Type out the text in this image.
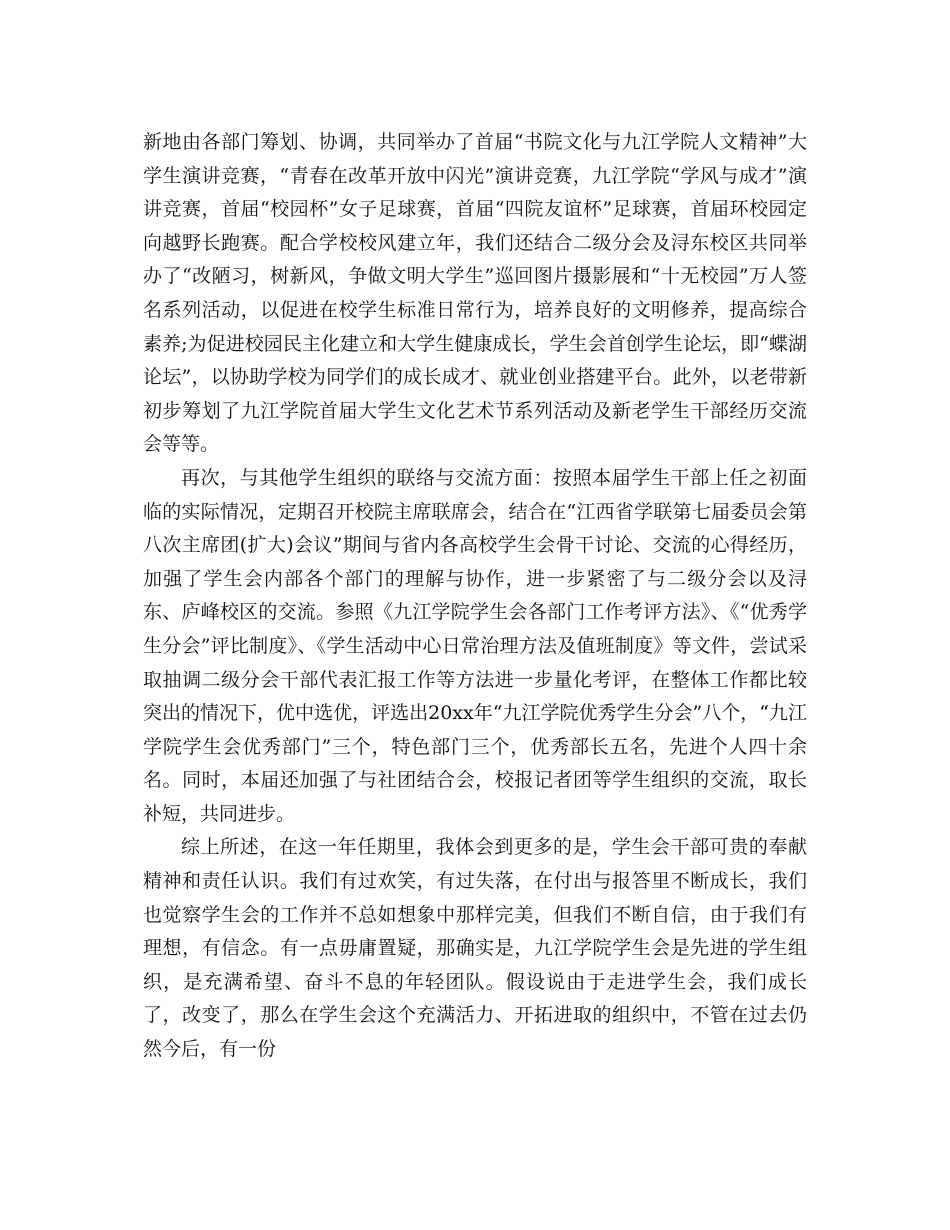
新地由各部门筹划、协调，共同举办了首届“书院文化与九江学院人文精神”大学生演讲竞赛，“青春在改革开放中闪光”演讲竞赛，九江学院“学风与成才”演讲竞赛，首届“校园杯”女子足球赛，首届“四院友谊杯”足球赛，首届环校园定向越野长跑赛。配合学校校风建立年，我们还结合二级分会及浔东校区共同举办了“改陋习，树新风，争做文明大学生”巡回图片摄影展和“十无校园”万人签名系列活动，以促进在校学生标准日常行为，培养良好的文明修养，提高综合素养;为促进校园民主化建立和大学生健康成长，学生会首创学生论坛，即“蝶湖论坛”，以协助学校为同学们的成长成才、就业创业搭建平台。此外，以老带新初步筹划了九江学院首届大学生文化艺术节系列活动及新老学生干部经历交流会等等。

再次，与其他学生组织的联络与交流方面：按照本届学生干部上任之初面临的实际情况，定期召开校院主席联席会，结合在“江西省学联第七届委员会第八次主席团(扩大)会议”期间与省内各高校学生会骨干讨论、交流的心得经历，加强了学生会内部各个部门的理解与协作，进一步紧密了与二级分会以及浔东、庐峰校区的交流。参照《九江学院学生会各部门工作考评方法》、《“优秀学生分会”评比制度》、《学生活动中心日常治理方法及值班制度》等文件，尝试采取抽调二级分会干部代表汇报工作等方法进一步量化考评，在整体工作都比较突出的情况下，优中选优，评选出20xx年“九江学院优秀学生分会”八个，“九江学院学生会优秀部门”三个，特色部门三个，优秀部长五名，先进个人四十余名。同时，本届还加强了与社团结合会，校报记者团等学生组织的交流，取长补短，共同进步。

综上所述，在这一年任期里，我体会到更多的是，学生会干部可贵的奉献精神和责任认识。我们有过欢笑，有过失落，在付出与报答里不断成长，我们也觉察学生会的工作并不总如想象中那样完美，但我们不断自信，由于我们有理想，有信念。有一点毋庸置疑，那确实是，九江学院学生会是先进的学生组织，是充满希望、奋斗不息的年轻团队。假设说由于走进学生会，我们成长了，改变了，那么在学生会这个充满活力、开拓进取的组织中，不管在过去仍然今后，有一份
